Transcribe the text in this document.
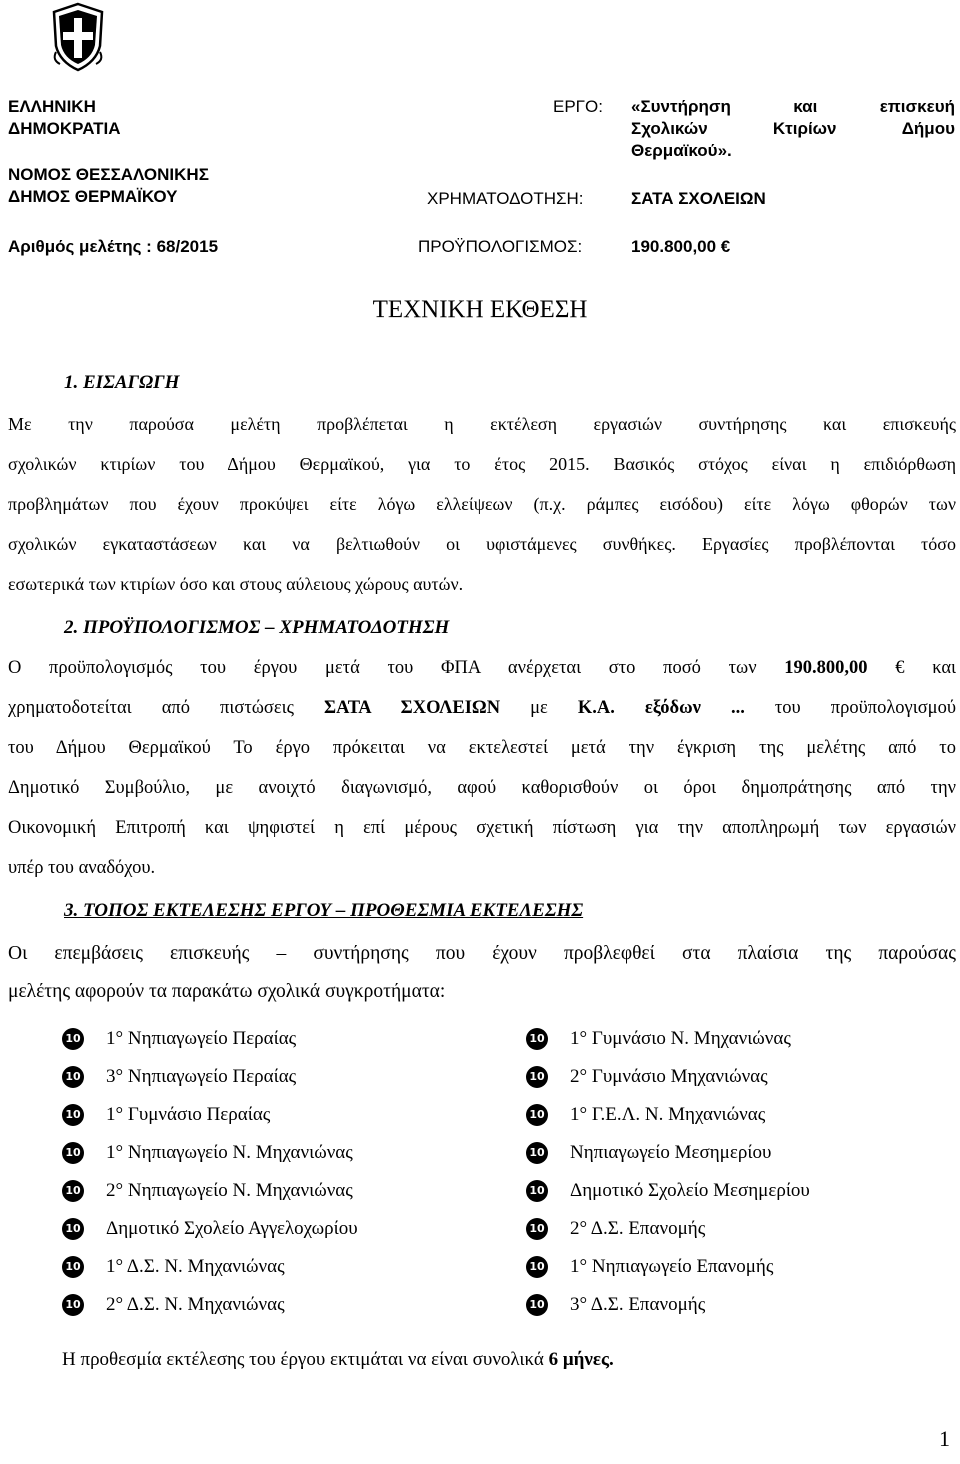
ΕΛΛΗΝΙΚΗ
ΔΗΜΟΚΡΑΤΙΑ
ΝΟΜΟΣ ΘΕΣΣΑΛΟΝΙΚΗΣ
ΔΗΜΟΣ ΘΕΡΜΑΪΚΟΥ
Αριθμός μελέτης : 68/2015
ΕΡΓΟ: «Συντήρηση	και	επισκευή
Σχολικών	Κτιρίων	Δήμου
Θερμαϊκού».
ΧΡΗΜΑΤΟΔΟΤΗΣΗ:	ΣΑΤΑ ΣΧΟΛΕΙΩΝ
ΠΡΟΫΠΟΛΟΓΙΣΜΟΣ:	190.800,00 €
ΤΕΧΝΙΚΗ ΕΚΘΕΣΗ
1. ΕΙΣΑΓΩΓΗ
Με την παρούσα μελέτη προβλέπεται η εκτέλεση εργασιών συντήρησης και επισκευής
σχολικών κτιρίων του Δήμου Θερμαϊκού, για το έτος 2015. Βασικός στόχος είναι η επιδιόρθωση
προβλημάτων που έχουν προκύψει είτε λόγω ελλείψεων (π.χ. ράμπες εισόδου) είτε λόγω φθορών των
σχολικών εγκαταστάσεων και να βελτιωθούν οι υφιστάμενες συνθήκες. Εργασίες προβλέπονται τόσο
εσωτερικά των κτιρίων όσο και στους αύλειους χώρους αυτών.
2. ΠΡΟΫΠΟΛΟΓΙΣΜΟΣ – ΧΡΗΜΑΤΟΔΟΤΗΣΗ
Ο προϋπολογισμός του έργου μετά του ΦΠΑ ανέρχεται στο ποσό των 190.800,00 € και
χρηματοδοτείται από πιστώσεις ΣΑΤΑ ΣΧΟΛΕΙΩΝ με Κ.Α. εξόδων ... του προϋπολογισμού
του Δήμου Θερμαϊκού Το έργο πρόκειται να εκτελεστεί μετά την έγκριση της μελέτης από το
Δημοτικό Συμβούλιο, με ανοιχτό διαγωνισμό, αφού καθορισθούν οι όροι δημοπράτησης από την
Οικονομική Επιτροπή και ψηφιστεί η επί μέρους σχετική πίστωση για την αποπληρωμή των εργασιών
υπέρ του αναδόχου.
3. ΤΟΠΟΣ ΕΚΤΕΛΕΣΗΣ ΕΡΓΟΥ – ΠΡΟΘΕΣΜΙΑ ΕΚΤΕΛΕΣΗΣ
Οι επεμβάσεις επισκευής – συντήρησης που έχουν προβλεφθεί στα πλαίσια της παρούσας
μελέτης αφορούν τα παρακάτω σχολικά συγκροτήματα:
10 1° Νηπιαγωγείο Περαίας
10 3° Νηπιαγωγείο Περαίας
10 1° Γυμνάσιο Περαίας
10 1° Νηπιαγωγείο Ν. Μηχανιώνας
10 2° Νηπιαγωγείο Ν. Μηχανιώνας
10 Δημοτικό Σχολείο Αγγελοχωρίου
10 1° Δ.Σ. Ν. Μηχανιώνας
10 2° Δ.Σ. Ν. Μηχανιώνας
10 1° Γυμνάσιο Ν. Μηχανιώνας
10 2° Γυμνάσιο Μηχανιώνας
10 1° Γ.Ε.Λ. Ν. Μηχανιώνας
10 Νηπιαγωγείο Μεσημερίου
10 Δημοτικό Σχολείο Μεσημερίου
10 2° Δ.Σ. Επανομής
10 1° Νηπιαγωγείο Επανομής
10 3° Δ.Σ. Επανομής
Η προθεσμία εκτέλεσης του έργου εκτιμάται να είναι συνολικά 6 μήνες.
1
